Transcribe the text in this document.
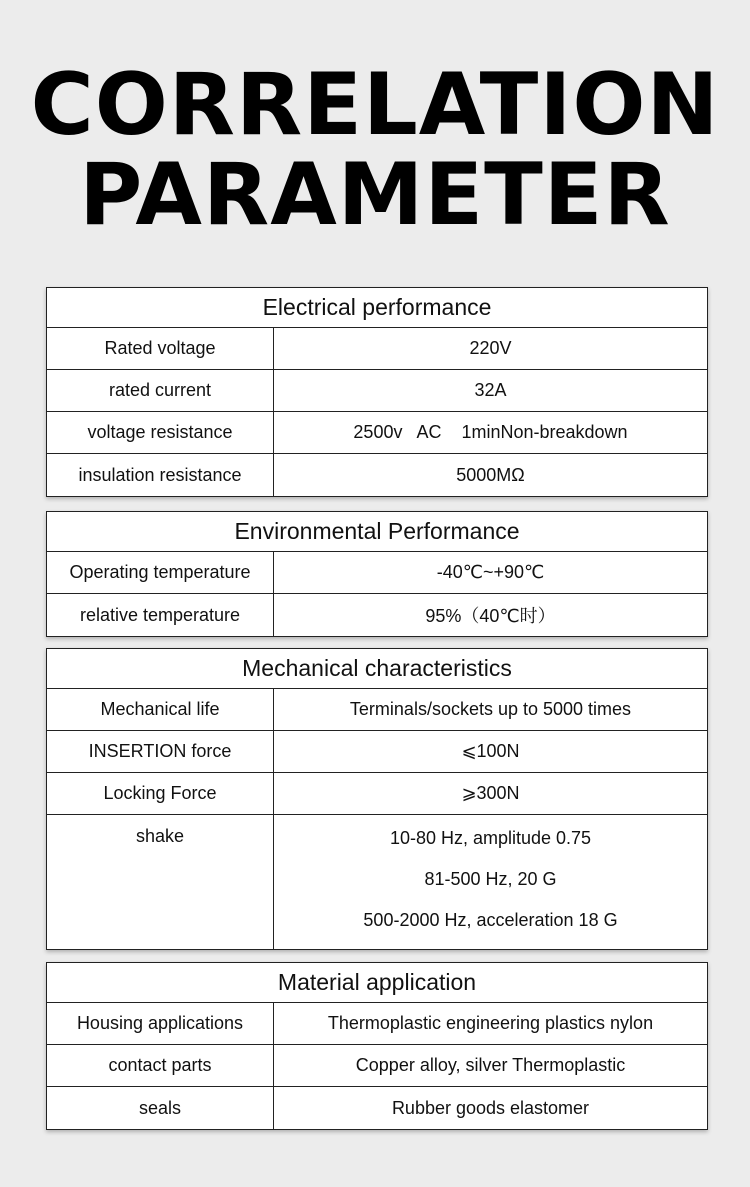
CORRELATION
PARAMETER
Electrical performance
Rated voltage	220V
rated current	32A
voltage resistance	2500v   AC    1minNon-breakdown
insulation resistance	5000MΩ
Environmental Performance
Operating temperature	-40℃~+90℃
relative temperature	95%（40℃时）
Mechanical characteristics
Mechanical life	Terminals/sockets up to 5000 times
INSERTION force	⩽100N
Locking Force	⩾300N
shake	10-80 Hz, amplitude 0.75
81-500 Hz, 20 G
500-2000 Hz, acceleration 18 G
Material application
Housing applications	Thermoplastic engineering plastics nylon
contact parts	Copper alloy, silver Thermoplastic
seals	Rubber goods elastomer
